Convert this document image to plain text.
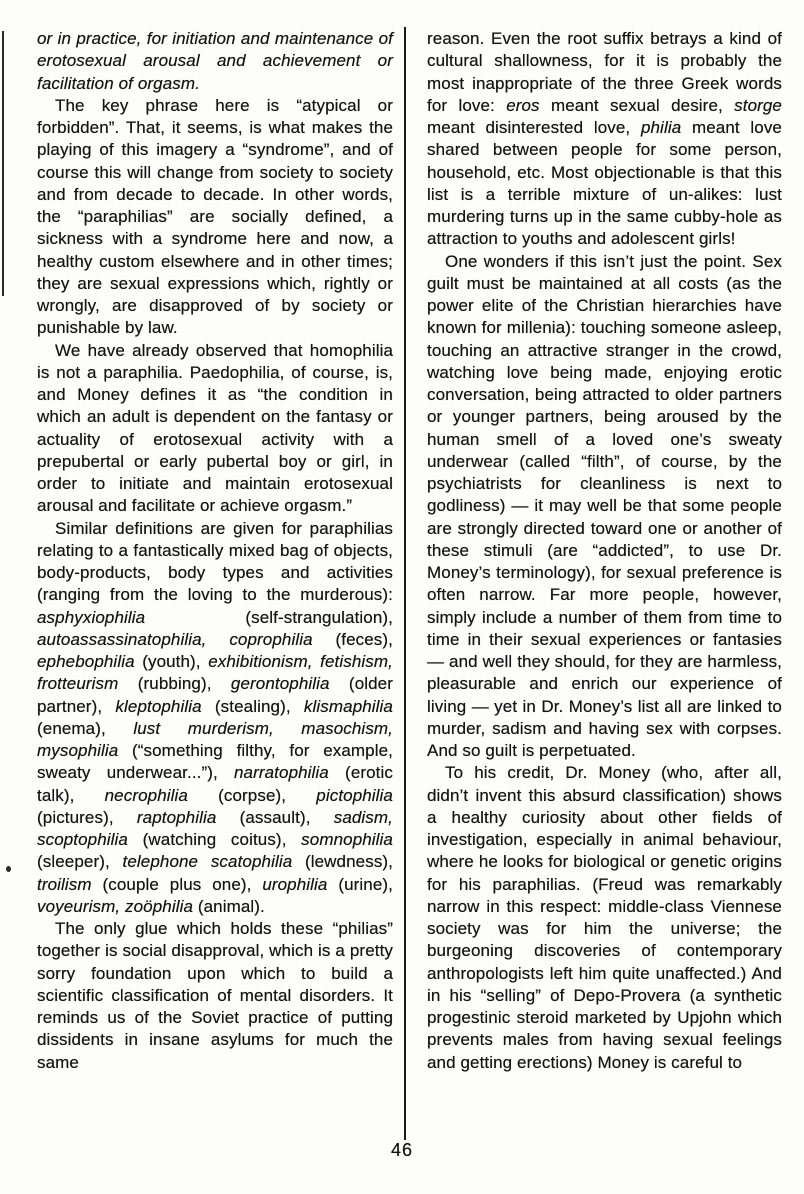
or in practice, for initiation and maintenance of erotosexual arousal and achievement or facilitation of orgasm.

The key phrase here is “atypical or forbidden”. That, it seems, is what makes the playing of this imagery a “syndrome”, and of course this will change from society to society and from decade to decade. In other words, the “paraphilias” are socially defined, a sickness with a syndrome here and now, a healthy custom elsewhere and in other times; they are sexual expressions which, rightly or wrongly, are disapproved of by society or punishable by law.

We have already observed that homophilia is not a paraphilia. Paedophilia, of course, is, and Money defines it as “the condition in which an adult is dependent on the fantasy or actuality of erotosexual activity with a prepubertal or early pubertal boy or girl, in order to initiate and maintain erotosexual arousal and facilitate or achieve orgasm.”

Similar definitions are given for paraphilias relating to a fantastically mixed bag of objects, body-products, body types and activities (ranging from the loving to the murderous): asphyxiophilia (self-strangulation), autoassassinatophilia, coprophilia (feces), ephebophilia (youth), exhibitionism, fetishism, frotteurism (rubbing), gerontophilia (older partner), kleptophilia (stealing), klismaphilia (enema), lust murderism, masochism, mysophilia (“something filthy, for example, sweaty underwear...”), narratophilia (erotic talk), necrophilia (corpse), pictophilia (pictures), raptophilia (assault), sadism, scoptophilia (watching coitus), somnophilia (sleeper), telephone scatophilia (lewdness), troilism (couple plus one), urophilia (urine), voyeurism, zoöphilia (animal).

The only glue which holds these “philias” together is social disapproval, which is a pretty sorry foundation upon which to build a scientific classification of mental disorders. It reminds us of the Soviet practice of putting dissidents in insane asylums for much the same

reason. Even the root suffix betrays a kind of cultural shallowness, for it is probably the most inappropriate of the three Greek words for love: eros meant sexual desire, storge meant disinterested love, philia meant love shared between people for some person, household, etc. Most objectionable is that this list is a terrible mixture of un-alikes: lust murdering turns up in the same cubby-hole as attraction to youths and adolescent girls!

One wonders if this isn’t just the point. Sex guilt must be maintained at all costs (as the power elite of the Christian hierarchies have known for millenia): touching someone asleep, touching an attractive stranger in the crowd, watching love being made, enjoying erotic conversation, being attracted to older partners or younger partners, being aroused by the human smell of a loved one’s sweaty underwear (called “filth”, of course, by the psychiatrists for cleanliness is next to godliness) — it may well be that some people are strongly directed toward one or another of these stimuli (are “addicted”, to use Dr. Money’s terminology), for sexual preference is often narrow. Far more people, however, simply include a number of them from time to time in their sexual experiences or fantasies — and well they should, for they are harmless, pleasurable and enrich our experience of living — yet in Dr. Money’s list all are linked to murder, sadism and having sex with corpses. And so guilt is perpetuated.

To his credit, Dr. Money (who, after all, didn’t invent this absurd classification) shows a healthy curiosity about other fields of investigation, especially in animal behaviour, where he looks for biological or genetic origins for his paraphilias. (Freud was remarkably narrow in this respect: middle-class Viennese society was for him the universe; the burgeoning discoveries of contemporary anthropologists left him quite unaffected.) And in his “selling” of Depo-Provera (a synthetic progestinic steroid marketed by Upjohn which prevents males from having sexual feelings and getting erections) Money is careful to

46
